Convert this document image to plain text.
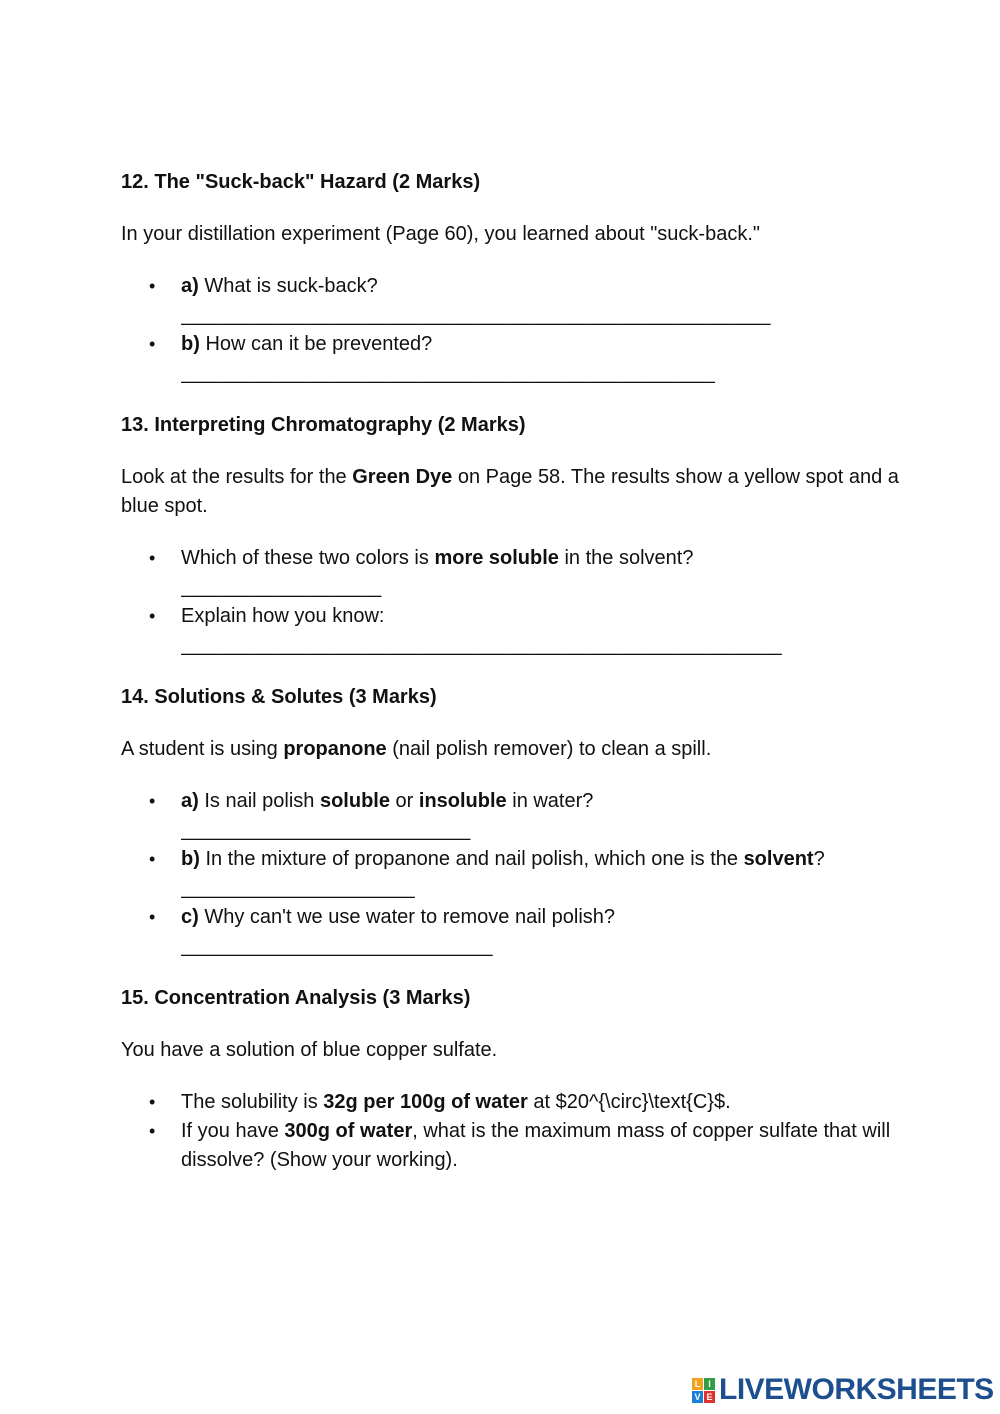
12. The "Suck-back" Hazard (2 Marks)
In your distillation experiment (Page 60), you learned about "suck-back."
• a) What is suck-back?
_____________________________________________________
• b) How can it be prevented?
________________________________________________
13. Interpreting Chromatography (2 Marks)
Look at the results for the Green Dye on Page 58. The results show a yellow spot and a blue spot.
• Which of these two colors is more soluble in the solvent?
__________________
• Explain how you know:
______________________________________________________
14. Solutions & Solutes (3 Marks)
A student is using propanone (nail polish remover) to clean a spill.
• a) Is nail polish soluble or insoluble in water?
__________________________
• b) In the mixture of propanone and nail polish, which one is the solvent?
_____________________
• c) Why can't we use water to remove nail polish?
____________________________
15. Concentration Analysis (3 Marks)
You have a solution of blue copper sulfate.
• The solubility is 32g per 100g of water at $20^{\circ}\text{C}$.
• If you have 300g of water, what is the maximum mass of copper sulfate that will dissolve? (Show your working).
L I
V E LIVEWORKSHEETS
